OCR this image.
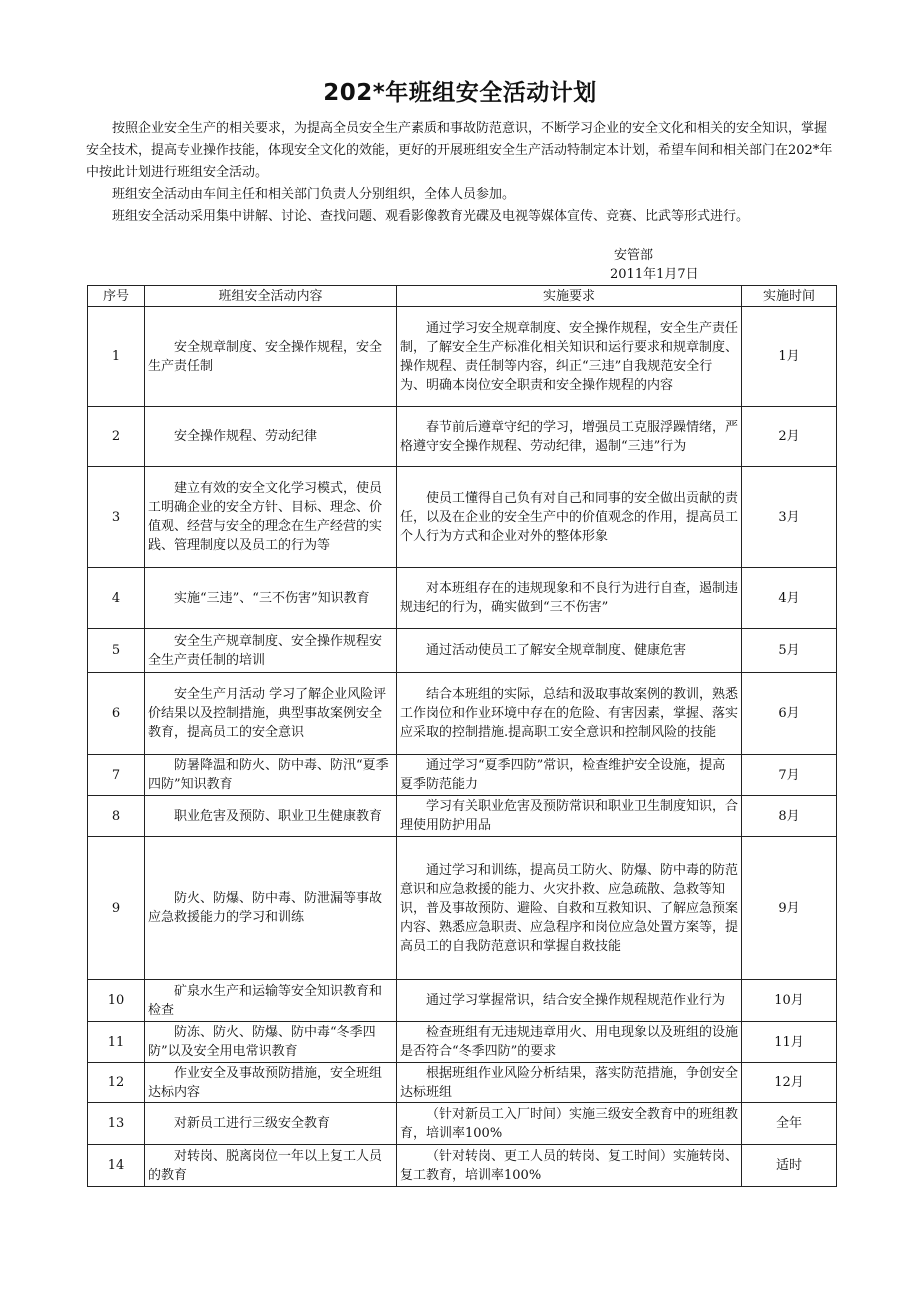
202*年班组安全活动计划

按照企业安全生产的相关要求，为提高全员安全生产素质和事故防范意识，不断学习企业的安全文化和相关的安全知识，掌握安全技术，提高专业操作技能，体现安全文化的效能，更好的开展班组安全生产活动特制定本计划，希望车间和相关部门在202*年中按此计划进行班组安全活动。

班组安全活动由车间主任和相关部门负责人分别组织，全体人员参加。

班组安全活动采用集中讲解、讨论、查找问题、观看影像教育光碟及电视等媒体宣传、竞赛、比武等形式进行。

安管部
2011年1月7日
序号	班组安全活动内容	实施要求	实施时间
1	安全规章制度、安全操作规程，安全生产责任制	通过学习安全规章制度、安全操作规程，安全生产责任制，了解安全生产标准化相关知识和运行要求和规章制度、操作规程、责任制等内容，纠正“三违”自我规范安全行为、明确本岗位安全职责和安全操作规程的内容	1月
2	安全操作规程、劳动纪律	春节前后遵章守纪的学习，增强员工克服浮躁情绪，严格遵守安全操作规程、劳动纪律，遏制“三违”行为	2月
3	建立有效的安全文化学习模式，使员工明确企业的安全方针、目标、理念、价值观、经营与安全的理念在生产经营的实践、管理制度以及员工的行为等	使员工懂得自己负有对自己和同事的安全做出贡献的责任，以及在企业的安全生产中的价值观念的作用，提高员工个人行为方式和企业对外的整体形象	3月
4	实施“三违”、“三不伤害”知识教育	对本班组存在的违规现象和不良行为进行自查，遏制违规违纪的行为，确实做到“三不伤害”	4月
5	安全生产规章制度、安全操作规程安全生产责任制的培训	通过活动使员工了解安全规章制度、健康危害	5月
6	安全生产月活动 学习了解企业风险评价结果以及控制措施，典型事故案例安全教育，提高员工的安全意识	结合本班组的实际，总结和汲取事故案例的教训，熟悉工作岗位和作业环境中存在的危险、有害因素，掌握、落实应采取的控制措施.提高职工安全意识和控制风险的技能	6月
7	防暑降温和防火、防中毒、防汛“夏季四防”知识教育	通过学习“夏季四防”常识，检查维护安全设施，提高夏季防范能力	7月
8	职业危害及预防、职业卫生健康教育	学习有关职业危害及预防常识和职业卫生制度知识，合理使用防护用品	8月
9	防火、防爆、防中毒、防泄漏等事故应急救援能力的学习和训练	通过学习和训练，提高员工防火、防爆、防中毒的防范意识和应急救援的能力、火灾扑救、应急疏散、急救等知识，普及事故预防、避险、自救和互救知识、了解应急预案内容、熟悉应急职责、应急程序和岗位应急处置方案等，提高员工的自我防范意识和掌握自救技能	9月
10	矿泉水生产和运输等安全知识教育和检查	通过学习掌握常识，结合安全操作规程规范作业行为	10月
11	防冻、防火、防爆、防中毒“冬季四防”以及安全用电常识教育	检查班组有无违规违章用火、用电现象以及班组的设施是否符合“冬季四防”的要求	11月
12	作业安全及事故预防措施，安全班组达标内容	根据班组作业风险分析结果，落实防范措施，争创安全达标班组	12月
13	对新员工进行三级安全教育	（针对新员工入厂时间）实施三级安全教育中的班组教育，培训率100%	全年
14	对转岗、脱离岗位一年以上复工人员的教育	（针对转岗、更工人员的转岗、复工时间）实施转岗、复工教育，培训率100%	适时
